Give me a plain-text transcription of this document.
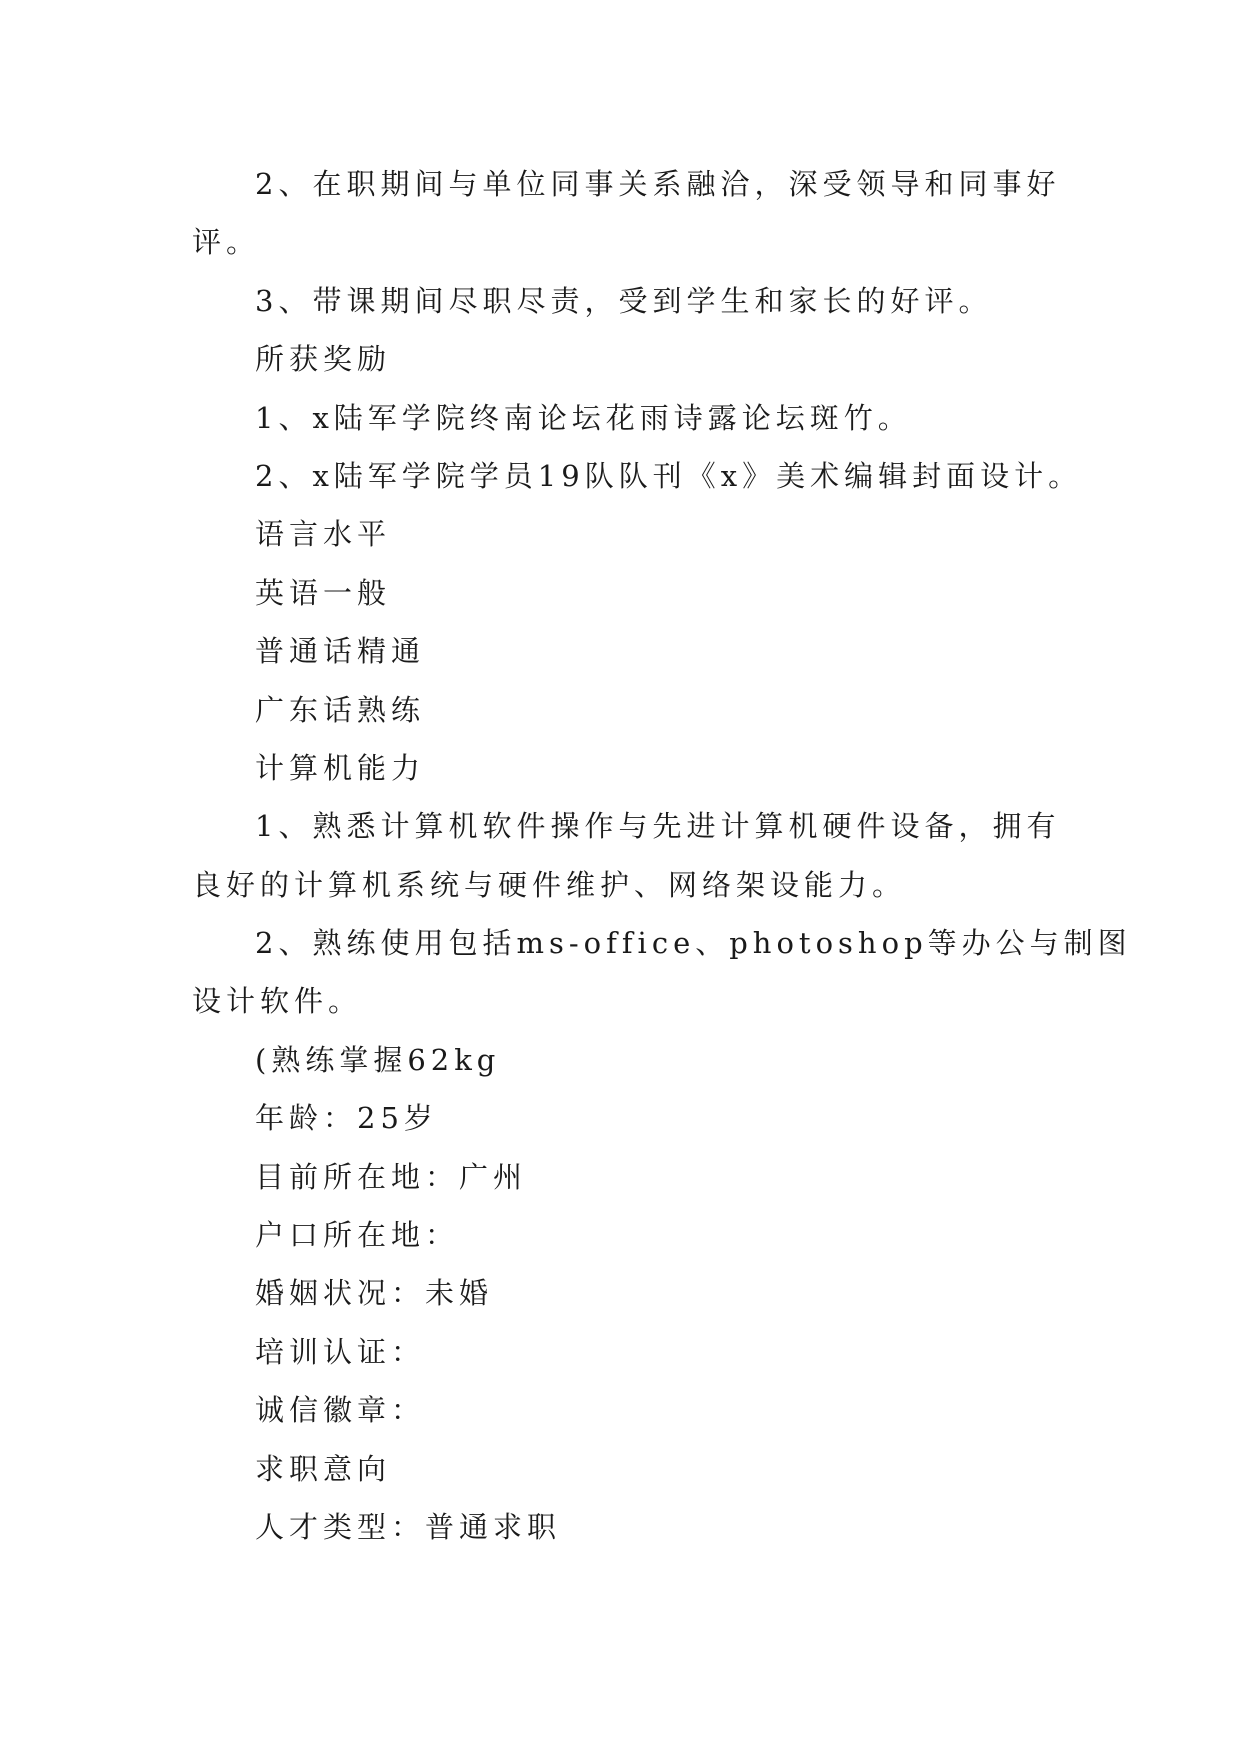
2、在职期间与单位同事关系融洽，深受领导和同事好
评。
3、带课期间尽职尽责，受到学生和家长的好评。
所获奖励
1、x陆军学院终南论坛花雨诗露论坛斑竹。
2、x陆军学院学员19队队刊《x》美术编辑封面设计。
语言水平
英语一般
普通话精通
广东话熟练
计算机能力
1、熟悉计算机软件操作与先进计算机硬件设备，拥有
良好的计算机系统与硬件维护、网络架设能力。
2、熟练使用包括ms-office、photoshop等办公与制图
设计软件。
(熟练掌握62kg
年龄：25岁
目前所在地：广州
户口所在地：
婚姻状况：未婚
培训认证：
诚信徽章：
求职意向
人才类型：普通求职
